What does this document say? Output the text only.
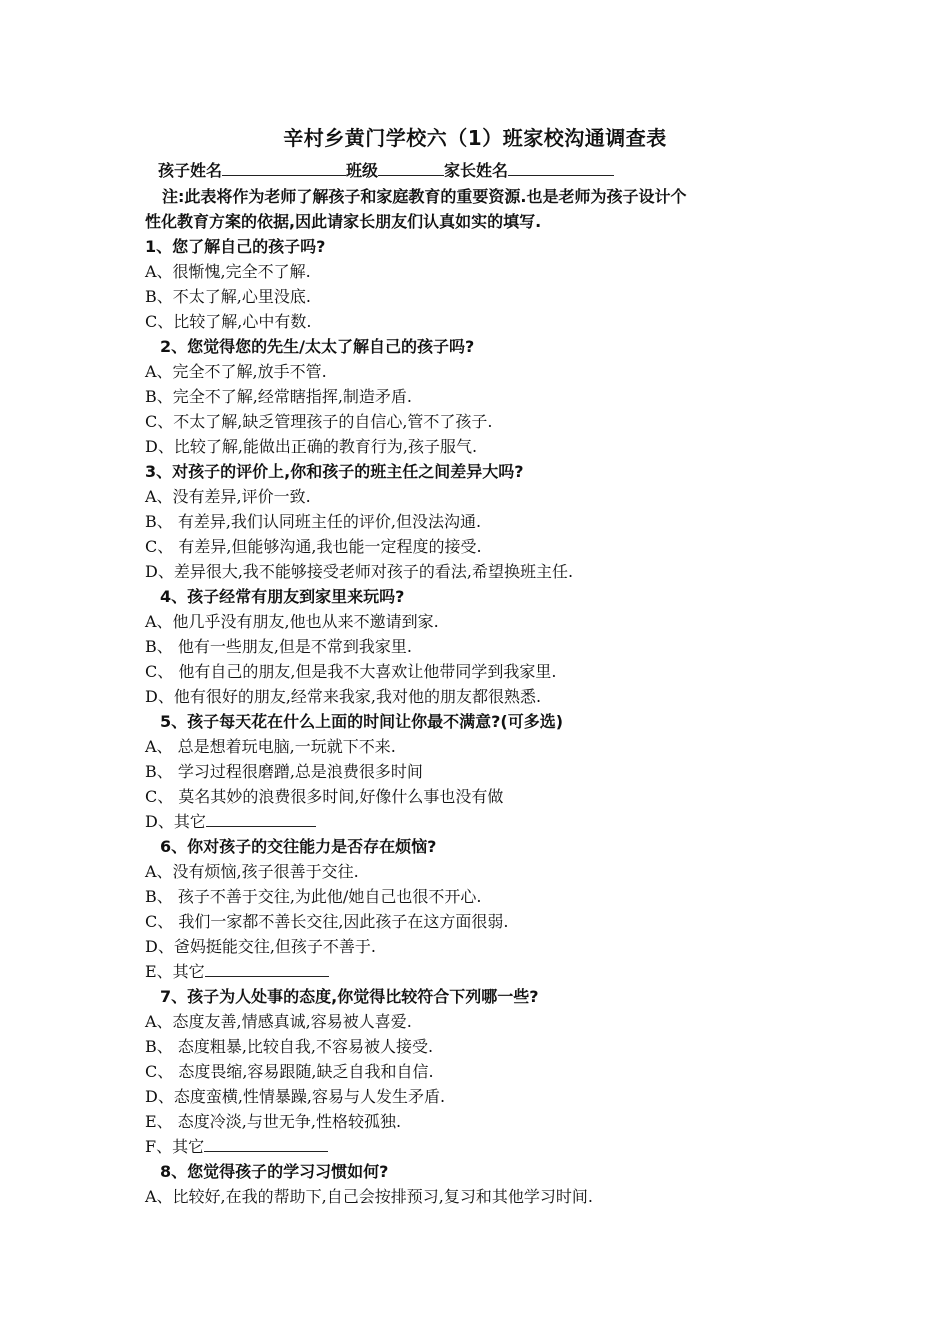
辛村乡黄门学校六（1）班家校沟通调查表
孩子姓名	班级	家长姓名
注:此表将作为老师了解孩子和家庭教育的重要资源.也是老师为孩子设计个
性化教育方案的依据,因此请家长朋友们认真如实的填写.
1、您了解自己的孩子吗?
A、很惭愧,完全不了解.
B、不太了解,心里没底.
C、比较了解,心中有数.
2、您觉得您的先生/太太了解自己的孩子吗?
A、完全不了解,放手不管.
B、完全不了解,经常瞎指挥,制造矛盾.
C、不太了解,缺乏管理孩子的自信心,管不了孩子.
D、比较了解,能做出正确的教育行为,孩子服气.
3、对孩子的评价上,你和孩子的班主任之间差异大吗?
A、没有差异,评价一致.
B、 有差异,我们认同班主任的评价,但没法沟通.
C、 有差异,但能够沟通,我也能一定程度的接受.
D、差异很大,我不能够接受老师对孩子的看法,希望换班主任.
4、孩子经常有朋友到家里来玩吗?
A、他几乎没有朋友,他也从来不邀请到家.
B、 他有一些朋友,但是不常到我家里.
C、 他有自己的朋友,但是我不大喜欢让他带同学到我家里.
D、他有很好的朋友,经常来我家,我对他的朋友都很熟悉.
5、孩子每天花在什么上面的时间让你最不满意?(可多选)
A、 总是想着玩电脑,一玩就下不来.
B、 学习过程很磨蹭,总是浪费很多时间
C、 莫名其妙的浪费很多时间,好像什么事也没有做
D、其它
6、你对孩子的交往能力是否存在烦恼?
A、没有烦恼,孩子很善于交往.
B、 孩子不善于交往,为此他/她自己也很不开心.
C、 我们一家都不善长交往,因此孩子在这方面很弱.
D、爸妈挺能交往,但孩子不善于.
E、其它
7、孩子为人处事的态度,你觉得比较符合下列哪一些?
A、态度友善,情感真诚,容易被人喜爱.
B、 态度粗暴,比较自我,不容易被人接受.
C、 态度畏缩,容易跟随,缺乏自我和自信.
D、态度蛮横,性情暴躁,容易与人发生矛盾.
E、 态度冷淡,与世无争,性格较孤独.
F、其它
8、您觉得孩子的学习习惯如何?
A、比较好,在我的帮助下,自己会按排预习,复习和其他学习时间.
